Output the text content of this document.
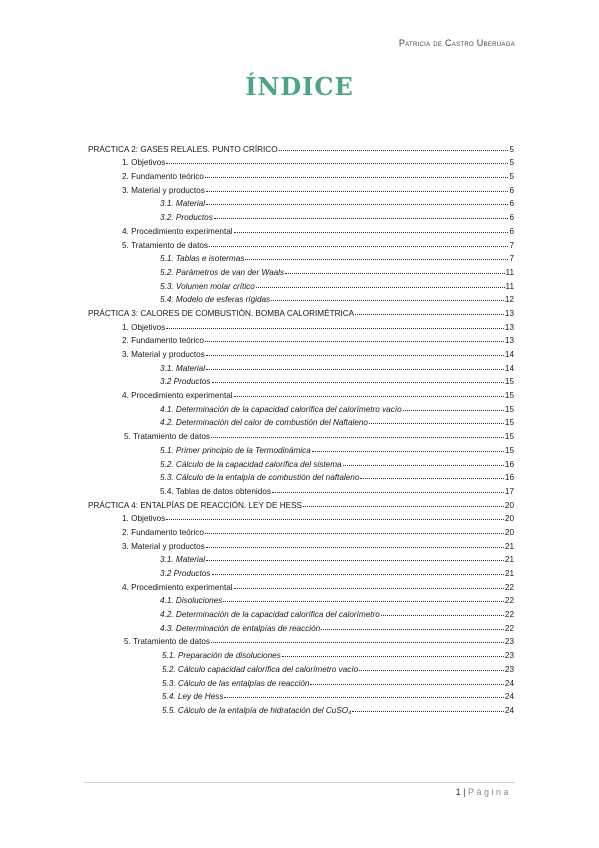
Patricia de Castro Uberuaga
ÍNDICE
PRÁCTICA 2: GASES RELALES. PUNTO CRÍRICO	5
1. Objetivos	5
2. Fundamento teórico	5
3. Material y productos	6
3.1. Material	6
3.2. Productos	6
4. Procedimiento experimental	6
5. Tratamiento de datos	7
5.1. Tablas e isotermas	7
5.2. Parámetros de van der Waals	11
5.3. Volumen molar crítico	11
5.4. Modelo de esferas rígidas	12
PRÁCTICA 3: CALORES DE COMBUSTIÓN. BOMBA CALORIMÉTRICA	13
1. Objetivos	13
2. Fundamento teórico	13
3. Material y productos	14
3.1. Material	14
3.2 Productos	15
4. Procedimiento experimental	15
4.1. Determinación de la capacidad calorífica del calorímetro vacío	15
4.2. Determinación del calor de combustión del Naftaleno	15
5. Tratamiento de datos	15
5.1. Primer principio de la Termodinámica	15
5.2. Cálculo de la capacidad calorífica del sistema	16
5.3. Cálculo de la entalpía de combustión del naftaleno	16
5.4. Tablas de datos obtenidos	17
PRÁCTICA 4: ENTALPÍAS DE REACCIÓN. LEY DE HESS	20
1. Objetivos	20
2. Fundamento teórico	20
3. Material y productos	21
3.1. Material	21
3.2 Productos	21
4. Procedimiento experimental	22
4.1. Disoluciones	22
4.2. Determinación de la capacidad calorífica del calorímetro	22
4.3. Determinación de entalpías de reacción	22
5. Tratamiento de datos	23
5.1. Preparación de disoluciones	23
5.2. Cálculo capacidad calorífica del calorímetro vacío	23
5.3. Cálculo de las entalpías de reacción	24
5.4. Ley de Hess	24
5.5. Cálculo de la entalpía de hidratación del CuSO₄	24
1 | Página
